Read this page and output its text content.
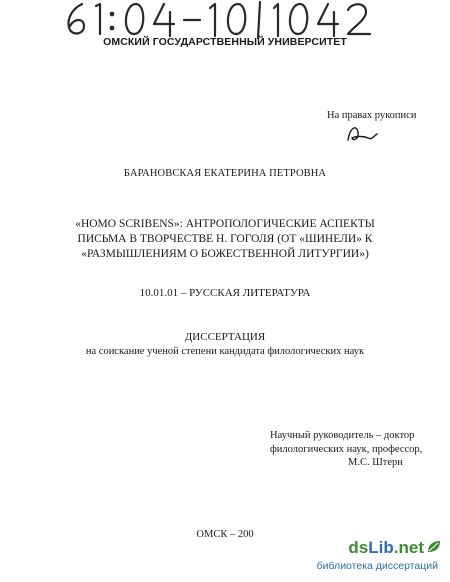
ОМСКИЙ ГОСУДАРСТВЕННЫЙ УНИВЕРСИТЕТ
На правах рукописи
БАРАНОВСКАЯ ЕКАТЕРИНА ПЕТРОВНА
«HOMO SCRIBENS»: АНТРОПОЛОГИЧЕСКИЕ АСПЕКТЫ
ПИСЬМА В ТВОРЧЕСТВЕ Н. ГОГОЛЯ (ОТ «ШИНЕЛИ» К
«РАЗМЫШЛЕНИЯМ О БОЖЕСТВЕННОЙ ЛИТУРГИИ»)
10.01.01 – РУССКАЯ ЛИТЕРАТУРА
ДИССЕРТАЦИЯ
на соискание ученой степени кандидата филологических наук
Научный руководитель – доктор
филологических наук, профессор,
М.С. Штерн
ОМСК – 200
dsLib.net
библиотека диссертаций
